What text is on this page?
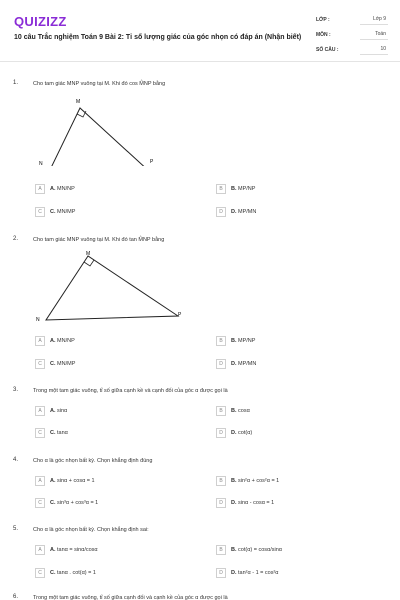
QUIZIZZ
10 câu Trắc nghiệm Toán 9 Bài 2: Tỉ số lượng giác của góc nhọn có đáp án (Nhận biết)
LỚP :	Lớp 9
MÔN :	Toán
SỐ CÂU :	10
1.	Cho tam giác MNP vuông tại M. Khi đó cos M̂NP bằng
M
N	P
A	A. MN/NP	B	B. MP/NP
C	C. MN/MP	D	D. MP/MN
2.	Cho tam giác MNP vuông tại M. Khi đó tan M̂NP bằng
M
N
P
A	A. MN/NP	B	B. MP/NP
C	C. MN/MP	D	D. MP/MN
3.	Trong một tam giác vuông, tỉ số giữa cạnh kề và cạnh đối của góc α được gọi là
A	A. sinα	B	B. cosα
C	C. tanα	D	D. cot(α)
4.	Cho α là góc nhọn bất kỳ. Chọn khẳng định đúng
A	A. sinα + cosα = 1	B	B. sin²α + cos²α = 1
C	C. sin³α + cos³α = 1	D	D. sinα - cosα = 1
5.	Cho α là góc nhọn bất kỳ. Chọn khẳng định sai:
A	A. tanα = sinα/cosα	B	B. cot(α) = cosα/sinα
C	C. tanα . cot(α) = 1	D	D. tan²α - 1 = cos²α
6.	Trong một tam giác vuông, tỉ số giữa cạnh đối và cạnh kề của góc α được gọi là
